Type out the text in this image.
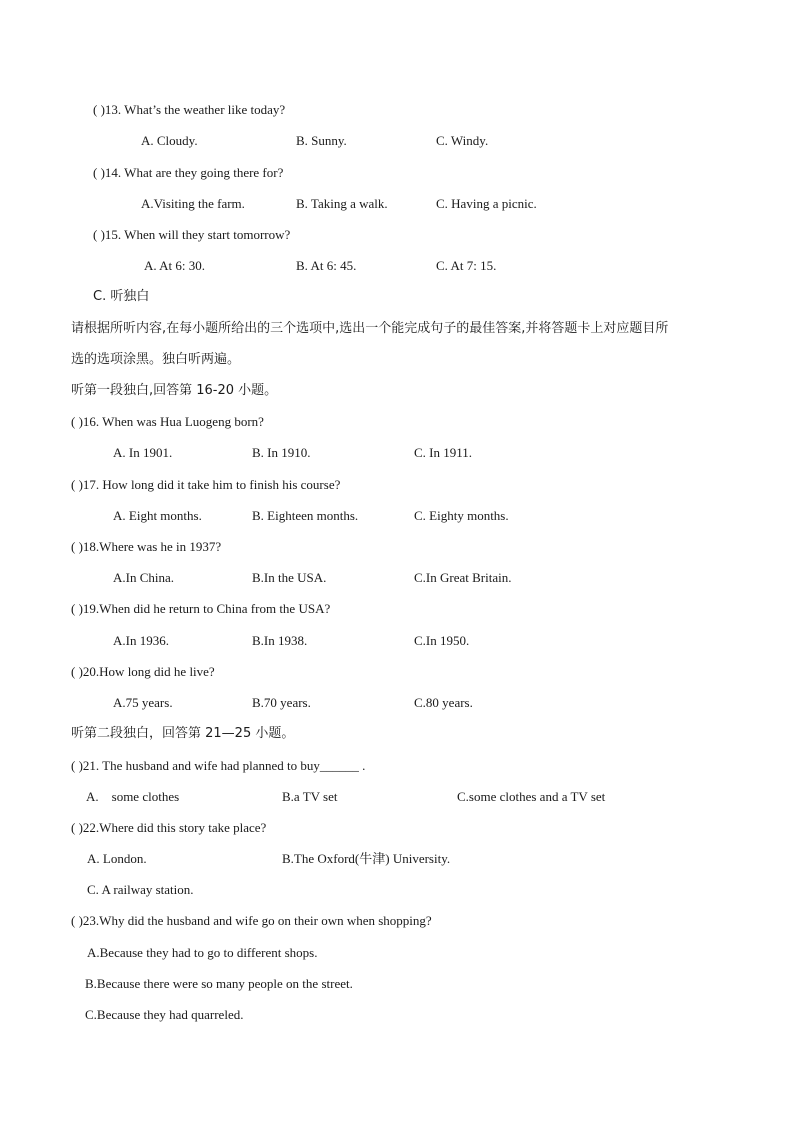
( )13. What’s the weather like today?
A. Cloudy.	B. Sunny.	C. Windy.
( )14. What are they going there for?
A.Visiting the farm.	B. Taking a walk.	C. Having a picnic.
( )15. When will they start tomorrow?
A. At 6: 30.	B. At 6: 45.	C. At 7: 15.
C. 听独白
请根据所听内容,在每小题所给出的三个选项中,选出一个能完成句子的最佳答案,并将答题卡上对应题目所
选的选项涂黑。独白听两遍。
听第一段独白,回答第 16-20 小题。
( )16. When was Hua Luogeng born?
A. In 1901.	B. In 1910.	C. In 1911.
( )17. How long did it take him to finish his course?
A. Eight months.	B. Eighteen months.	C. Eighty months.
( )18.Where was he in 1937?
A.In China.	B.In the USA.	C.In Great Britain.
( )19.When did he return to China from the USA?
A.In 1936.	B.In 1938.	C.In 1950.
( )20.How long did he live?
A.75 years.	B.70 years.	C.80 years.
听第二段独白，回答第 21—25 小题。
( )21. The husband and wife had planned to buy______ .
A.    some clothes	B.a TV set	C.some clothes and a TV set
( )22.Where did this story take place?
A. London.	B.The Oxford(牛津) University.
C. A railway station.
( )23.Why did the husband and wife go on their own when shopping?
A.Because they had to go to different shops.
B.Because there were so many people on the street.
C.Because they had quarreled.
